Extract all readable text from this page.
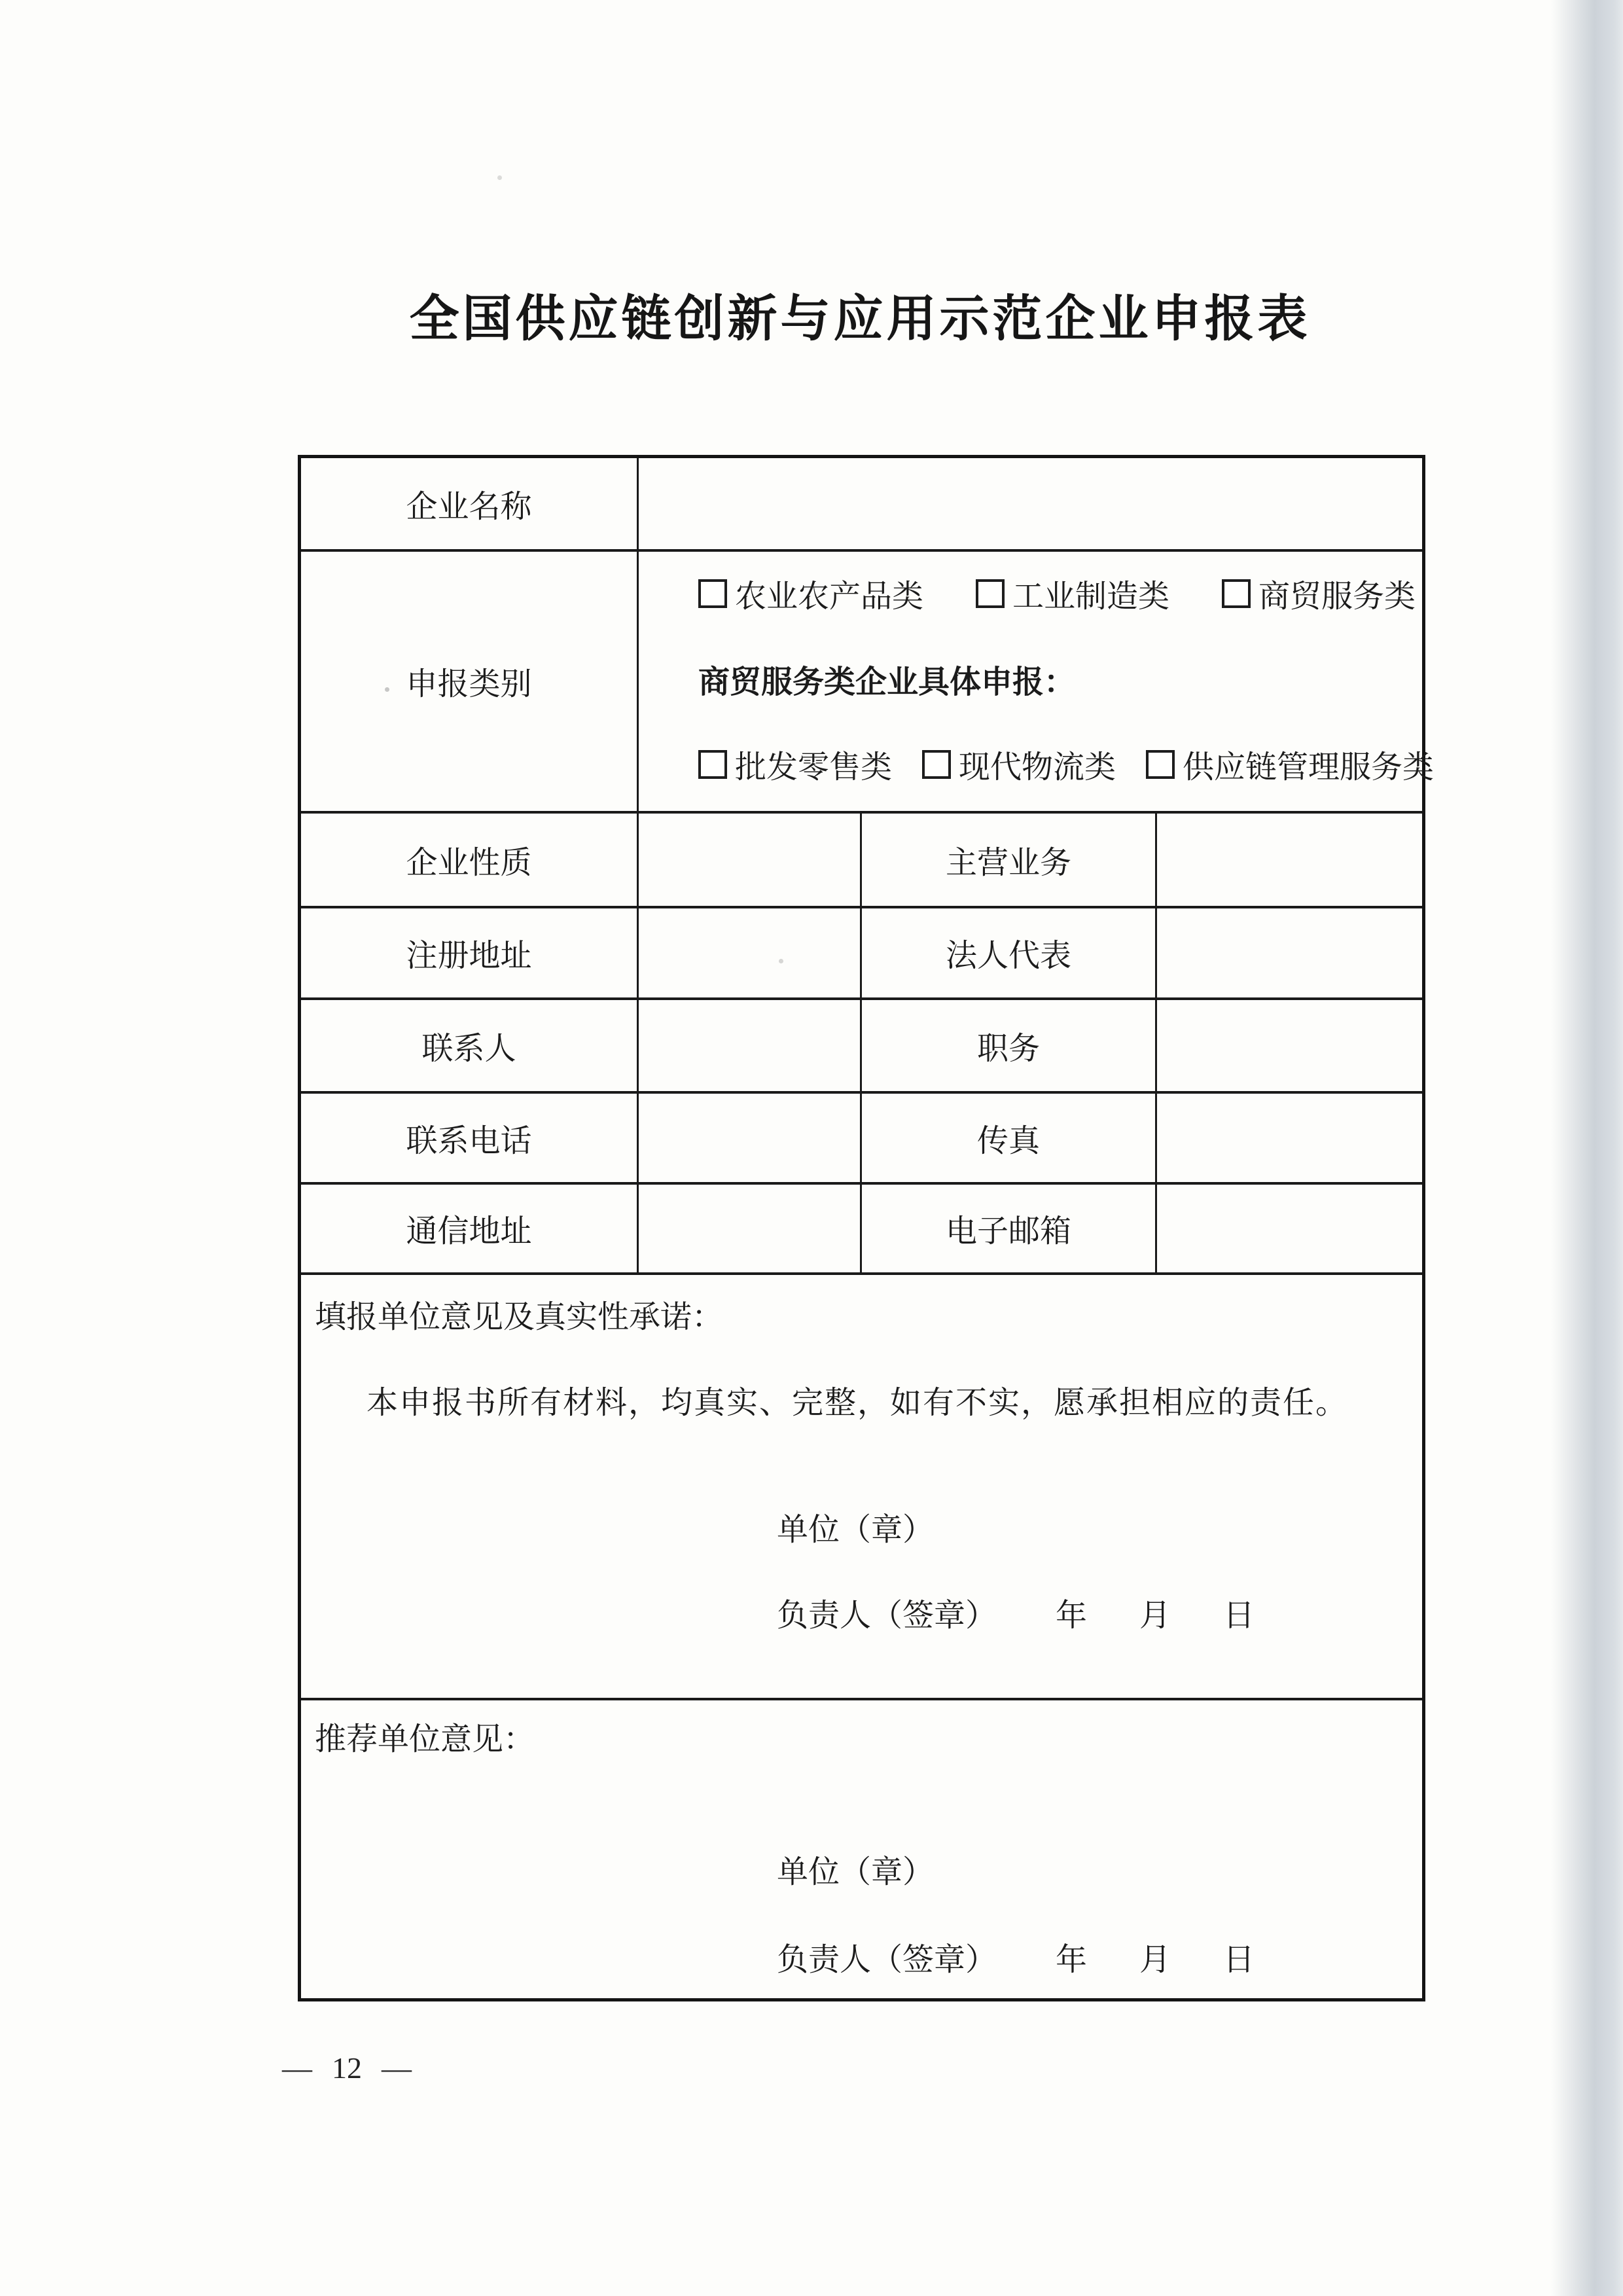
全国供应链创新与应用示范企业申报表
企业名称			
申报类别	农业农产品类 工业制造类 商贸服务类
商贸服务类企业具体申报：
批发零售类 现代物流类 供应链管理服务类		

企业性质		主营业务	
注册地址		法人代表	
联系人		职务	
联系电话		传真	
通信地址		电子邮箱	

填报单位意见及真实性承诺：
本申报书所有材料，均真实、完整，如有不实，愿承担相应的责任。
单位（章）
负责人（签章） 年 月 日			

推荐单位意见：
单位（章）
负责人（签章） 年 月 日			
— 12 —
